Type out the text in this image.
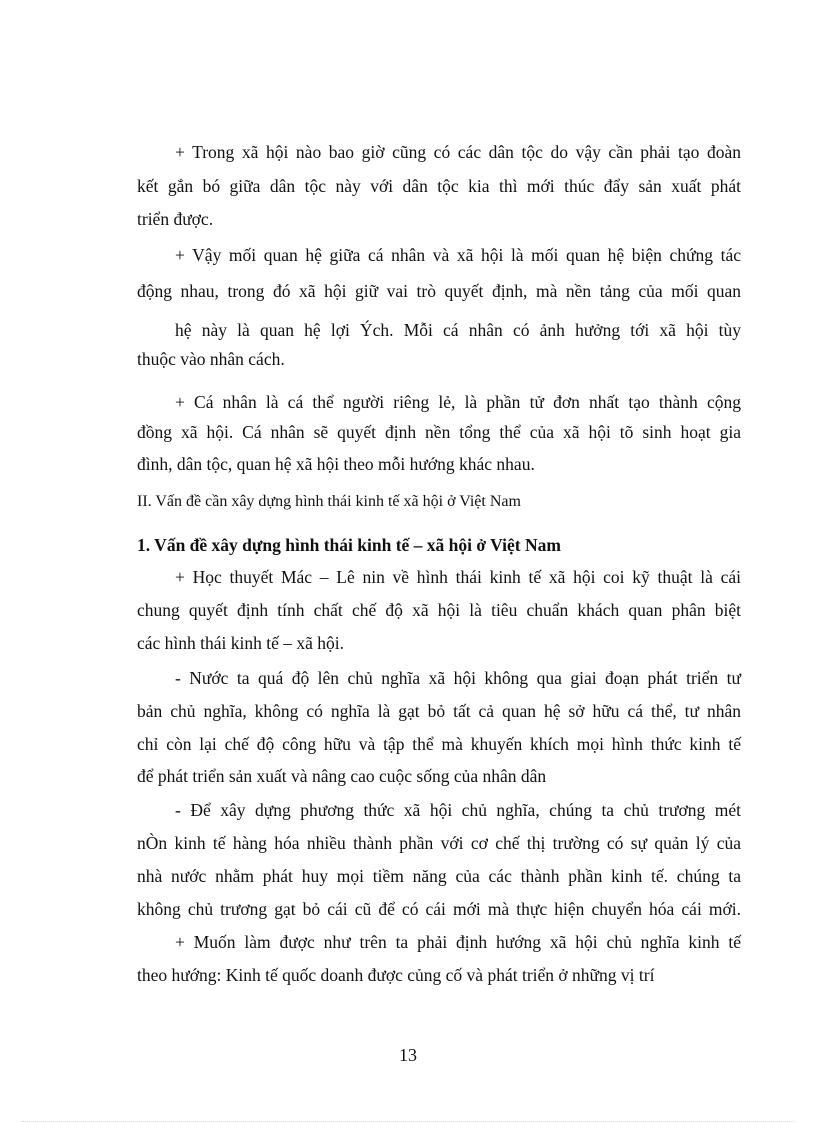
+ Trong xã hội nào bao giờ cũng có các dân tộc do vậy cần phải tạo đoàn
kết gắn bó giữa dân tộc này với dân tộc kia thì mới thúc đẩy sản xuất phát
triển được.
+ Vậy mối quan hệ giữa cá nhân và xã hội là mối quan hệ biện chứng tác
động nhau, trong đó xã hội giữ vai trò quyết định, mà nền tảng của mối quan
hệ này là quan hệ lợi Ých. Mỗi cá nhân có ảnh hưởng tới xã hội tùy
thuộc vào nhân cách.
+ Cá nhân là cá thể người riêng lẻ, là phần tử đơn nhất tạo thành cộng
đồng xã hội. Cá nhân sẽ quyết định nền tổng thể của xã hội tõ sinh hoạt gia
đình, dân tộc, quan hệ xã hội theo mỗi hướng khác nhau.
II. Vấn đề cần xây dựng hình thái kinh tế xã hội ở Việt Nam
1. Vấn đề xây dựng hình thái kinh tế – xã hội ở Việt Nam
+ Học thuyết Mác – Lê nin về hình thái kinh tế xã hội coi kỹ thuật là cái
chung quyết định tính chất chế độ xã hội là tiêu chuẩn khách quan phân biệt
các hình thái kinh tế – xã hội.
- Nước ta quá độ lên chủ nghĩa xã hội không qua giai đoạn phát triển tư
bản chủ nghĩa, không có nghĩa là gạt bỏ tất cả quan hệ sở hữu cá thể, tư nhân
chỉ còn lại chế độ công hữu và tập thể mà khuyến khích mọi hình thức kinh tế
để phát triển sản xuất và nâng cao cuộc sống của nhân dân
- Để xây dựng phương thức xã hội chủ nghĩa, chúng ta chủ trương mét
nÒn kinh tế hàng hóa nhiều thành phần với cơ chế thị trường có sự quản lý của
nhà nước nhằm phát huy mọi tiềm năng của các thành phần kinh tế. chúng ta
không chủ trương gạt bỏ cái cũ để có cái mới mà thực hiện chuyển hóa cái mới.
+ Muốn làm được như trên ta phải định hướng xã hội chủ nghĩa kinh tế
theo hướng: Kinh tế quốc doanh được củng cố và phát triển ở những vị trí
13
